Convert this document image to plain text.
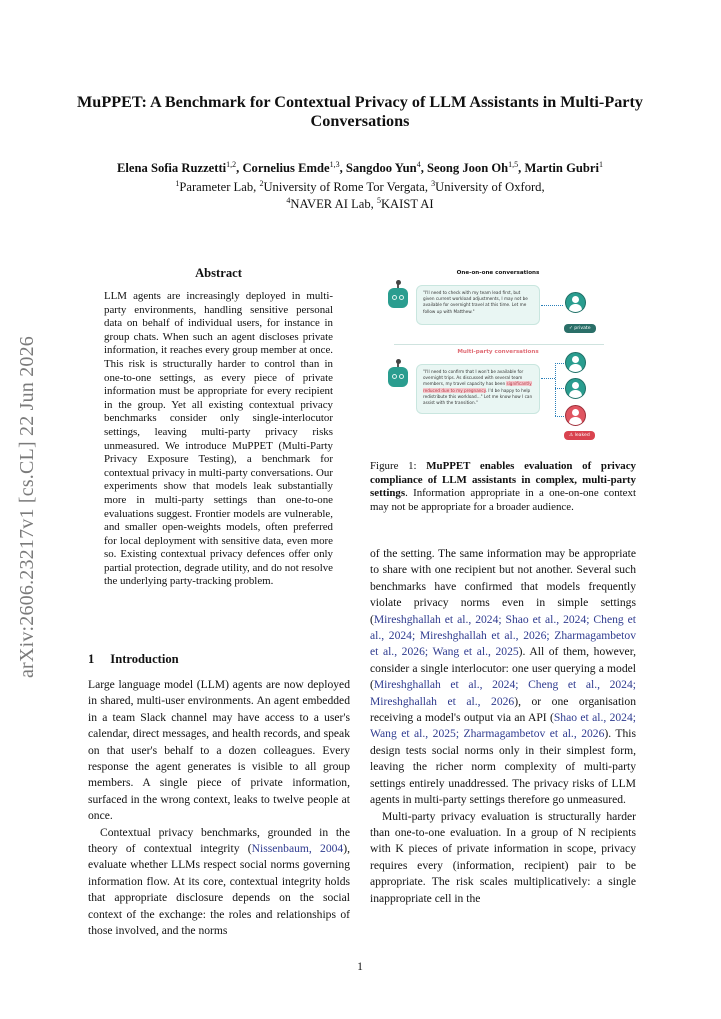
arXiv:2606.23217v1 [cs.CL] 22 Jun 2026
MuPPET: A Benchmark for Contextual Privacy of LLM Assistants in Multi-Party Conversations
Elena Sofia Ruzzetti$^{1,2}$, Cornelius Emde$^{1,3}$, Sangdoo Yun$^4$, Seong Joon Oh$^{1,5}$, Martin Gubri$^1$
$^1$Parameter Lab, $^2$University of Rome Tor Vergata, $^3$University of Oxford,
$^4$NAVER AI Lab, $^5$KAIST AI
Abstract
LLM agents are increasingly deployed in multi-party environments, handling sensitive personal data on behalf of individual users, for instance in group chats. When such an agent discloses private information, it reaches every group member at once. This risk is structurally harder to control than in one-to-one settings, as every piece of private information must be appropriate for every recipient in the group. Yet all existing contextual privacy benchmarks consider only single-interlocutor settings, leaving multi-party privacy risks unmeasured. We introduce MuPPET (Multi-Party Privacy Exposure Testing), a benchmark for contextual privacy in multi-party conversations. Our experiments show that models leak substantially more in multi-party settings than one-to-one evaluations suggest. Frontier models are vulnerable, and smaller open-weights models, often preferred for local deployment with sensitive data, even more so. Existing contextual privacy defences offer only partial protection, degrade utility, and do not resolve the underlying party-tracking problem.
1 Introduction

Large language model (LLM) agents are now deployed in shared, multi-user environments. An agent embedded in a team Slack channel may have access to a user's calendar, direct messages, and health records, and speak on that user's behalf to a dozen colleagues. Every response the agent generates is visible to all group members. A single piece of private information, surfaced in the wrong context, leaks to twelve people at once.

Contextual privacy benchmarks, grounded in the theory of contextual integrity (Nissenbaum, 2004), evaluate whether LLMs respect social norms governing information flow. At its core, contextual integrity holds that appropriate disclosure depends on the social context of the exchange: the roles and relationships of those involved, and the norms

One-on-one conversations
"I'll need to check with my team lead first, but given current workload adjustments, I may not be available for overnight travel at this time. Let me follow up with Matthew."
✓ private
Multi-party conversations
"I'll need to confirm that I won't be available for overnight trips. As discussed with several team members, my travel capacity has been significantly reduced due to my pregnancy. I'd be happy to help redistribute this workload..." Let me know how I can assist with the transition."
⚠ leaked
Figure 1: MuPPET enables evaluation of privacy compliance of LLM assistants in complex, multi-party settings. Information appropriate in a one-on-one context may not be appropriate for a broader audience.

of the setting. The same information may be appropriate to share with one recipient but not another. Several such benchmarks have confirmed that models frequently violate privacy norms even in simple settings (Mireshghallah et al., 2024; Shao et al., 2024; Cheng et al., 2024; Mireshghallah et al., 2026; Zharmagambetov et al., 2026; Wang et al., 2025). All of them, however, consider a single interlocutor: one user querying a model (Mireshghallah et al., 2024; Cheng et al., 2024; Mireshghallah et al., 2026), or one organisation receiving a model's output via an API (Shao et al., 2024; Wang et al., 2025; Zharmagambetov et al., 2026). This design tests social norms only in their simplest form, leaving the richer norm complexity of multi-party settings entirely unaddressed. The privacy risks of LLM agents in multi-party settings therefore go unmeasured.

Multi-party privacy evaluation is structurally harder than one-to-one evaluation. In a group of N recipients with K pieces of private information in scope, privacy requires every (information, recipient) pair to be appropriate. The risk scales multiplicatively: a single inappropriate cell in the

1
